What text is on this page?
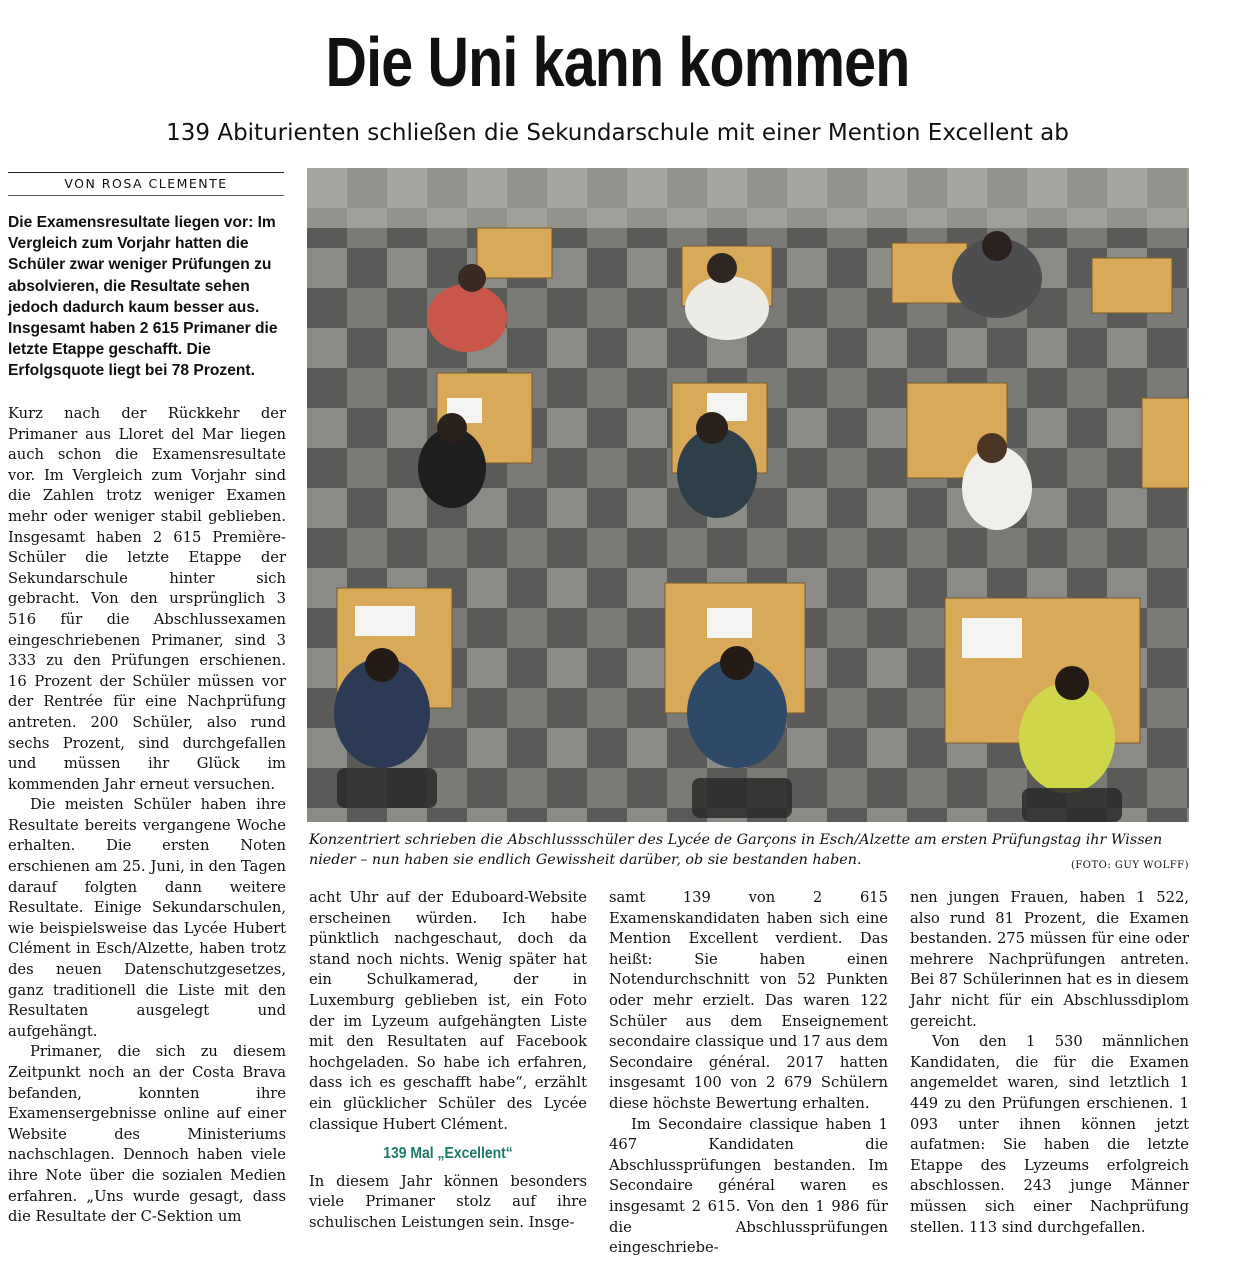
Die Uni kann kommen
139 Abiturienten schließen die Sekundarschule mit einer Mention Excellent ab
VON ROSA CLEMENTE
Die Examensresultate liegen vor: Im Vergleich zum Vorjahr hatten die Schüler zwar weniger Prüfungen zu absolvieren, die Resultate sehen jedoch dadurch kaum besser aus. Insgesamt haben 2 615 Primaner die letzte Etappe geschafft. Die Erfolgsquote liegt bei 78 Prozent.

Kurz nach der Rückkehr der Primaner aus Lloret del Mar liegen auch schon die Examensresultate vor. Im Vergleich zum Vorjahr sind die Zahlen trotz weniger Examen mehr oder weniger stabil geblieben. Insgesamt haben 2 615 Première-Schüler die letzte Etappe der Sekundarschule hinter sich gebracht. Von den ursprünglich 3 516 für die Abschlussexamen eingeschriebenen Primaner, sind 3 333 zu den Prüfungen erschienen. 16 Prozent der Schüler müssen vor der Rentrée für eine Nachprüfung antreten. 200 Schüler, also rund sechs Prozent, sind durchgefallen und müssen ihr Glück im kommenden Jahr erneut versuchen.

Die meisten Schüler haben ihre Resultate bereits vergangene Woche erhalten. Die ersten Noten erschienen am 25. Juni, in den Tagen darauf folgten dann weitere Resultate. Einige Sekundarschulen, wie beispielsweise das Lycée Hubert Clément in Esch/Alzette, haben trotz des neuen Datenschutzgesetzes, ganz traditionell die Liste mit den Resultaten ausgelegt und aufgehängt.

Primaner, die sich zu diesem Zeitpunkt noch an der Costa Brava befanden, konnten ihre Examensergebnisse online auf einer Website des Ministeriums nachschlagen. Dennoch haben viele ihre Note über die sozialen Medien erfahren. „Uns wurde gesagt, dass die Resultate der C-Sektion um

Konzentriert schrieben die Abschlussschüler des Lycée de Garçons in Esch/Alzette am ersten Prüfungstag ihr Wissen nieder – nun haben sie endlich Gewissheit darüber, ob sie bestanden haben.	(FOTO: GUY WOLFF)

acht Uhr auf der Eduboard-Website erscheinen würden. Ich habe pünktlich nachgeschaut, doch da stand noch nichts. Wenig später hat ein Schulkamerad, der in Luxemburg geblieben ist, ein Foto der im Lyzeum aufgehängten Liste mit den Resultaten auf Facebook hochgeladen. So habe ich erfahren, dass ich es geschafft habe“, erzählt ein glücklicher Schüler des Lycée classique Hubert Clément.

139 Mal „Excellent“

In diesem Jahr können besonders viele Primaner stolz auf ihre schulischen Leistungen sein. Insge-

samt 139 von 2 615 Examenskandidaten haben sich eine Mention Excellent verdient. Das heißt: Sie haben einen Notendurchschnitt von 52 Punkten oder mehr erzielt. Das waren 122 Schüler aus dem Enseignement secondaire classique und 17 aus dem Secondaire général. 2017 hatten insgesamt 100 von 2 679 Schülern diese höchste Bewertung erhalten.

Im Secondaire classique haben 1 467 Kandidaten die Abschlussprüfungen bestanden. Im Secondaire général waren es insgesamt 2 615. Von den 1 986 für die Abschlussprüfungen eingeschriebe-

nen jungen Frauen, haben 1 522, also rund 81 Prozent, die Examen bestanden. 275 müssen für eine oder mehrere Nachprüfungen antreten. Bei 87 Schülerinnen hat es in diesem Jahr nicht für ein Abschlussdiplom gereicht.

Von den 1 530 männlichen Kandidaten, die für die Examen angemeldet waren, sind letztlich 1 449 zu den Prüfungen erschienen. 1 093 unter ihnen können jetzt aufatmen: Sie haben die letzte Etappe des Lyzeums erfolgreich abschlossen. 243 junge Männer müssen sich einer Nachprüfung stellen. 113 sind durchgefallen.
